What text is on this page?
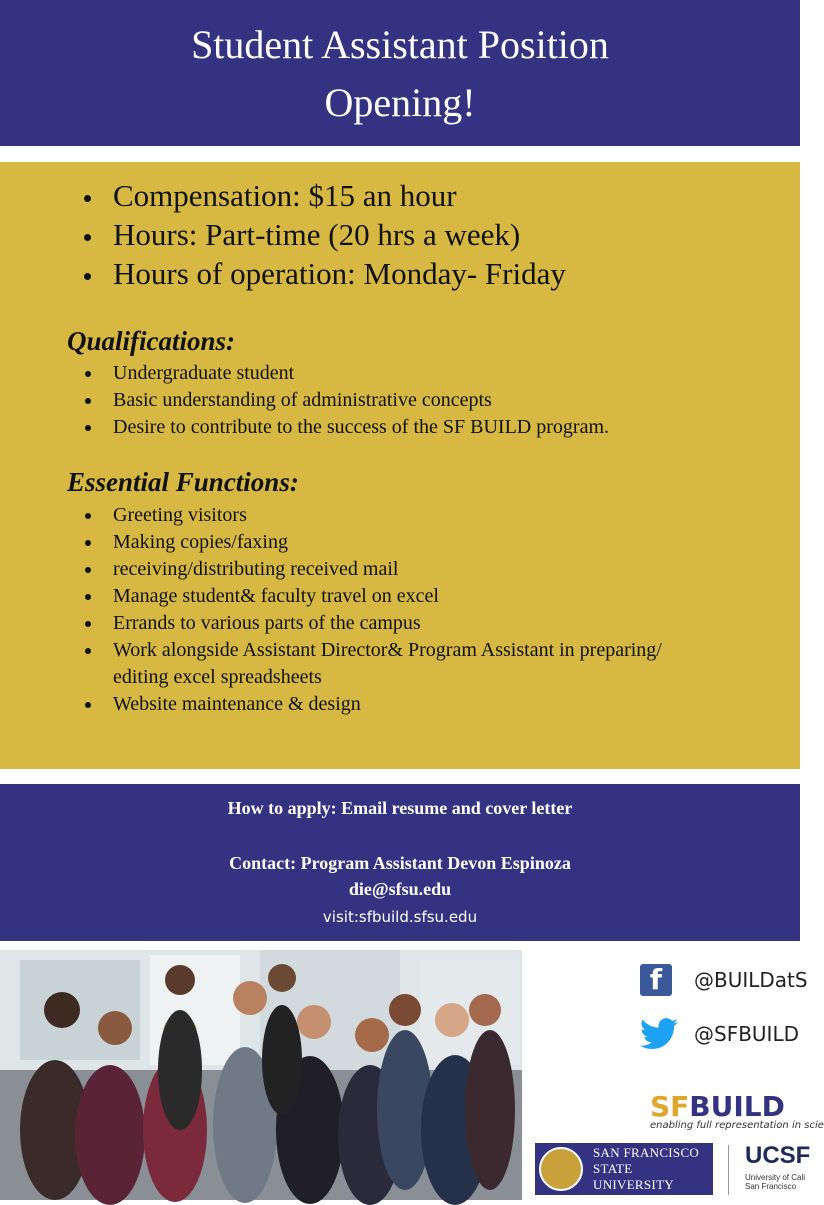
Student Assistant Position
Opening!
Compensation: $15 an hour
Hours: Part-time (20 hrs a week)
Hours of operation: Monday- Friday
Qualifications:
Undergraduate student
Basic understanding of administrative concepts
Desire to contribute to the success of the SF BUILD program.
Essential Functions:
Greeting visitors
Making copies/faxing
receiving/distributing received mail
Manage student& faculty travel on excel
Errands to various parts of the campus
Work alongside Assistant Director& Program Assistant in preparing/ editing excel spreadsheets
Website maintenance & design
How to apply: Email resume and cover letter
Contact: Program Assistant Devon Espinoza
die@sfsu.edu
visit:sfbuild.sfsu.edu
f	@BUILDatS
@SFBUILD
SFBUILD
enabling full representation in scie
SAN FRANCISCO
STATE UNIVERSITY
UCSF
University of Cali
San Francisco
